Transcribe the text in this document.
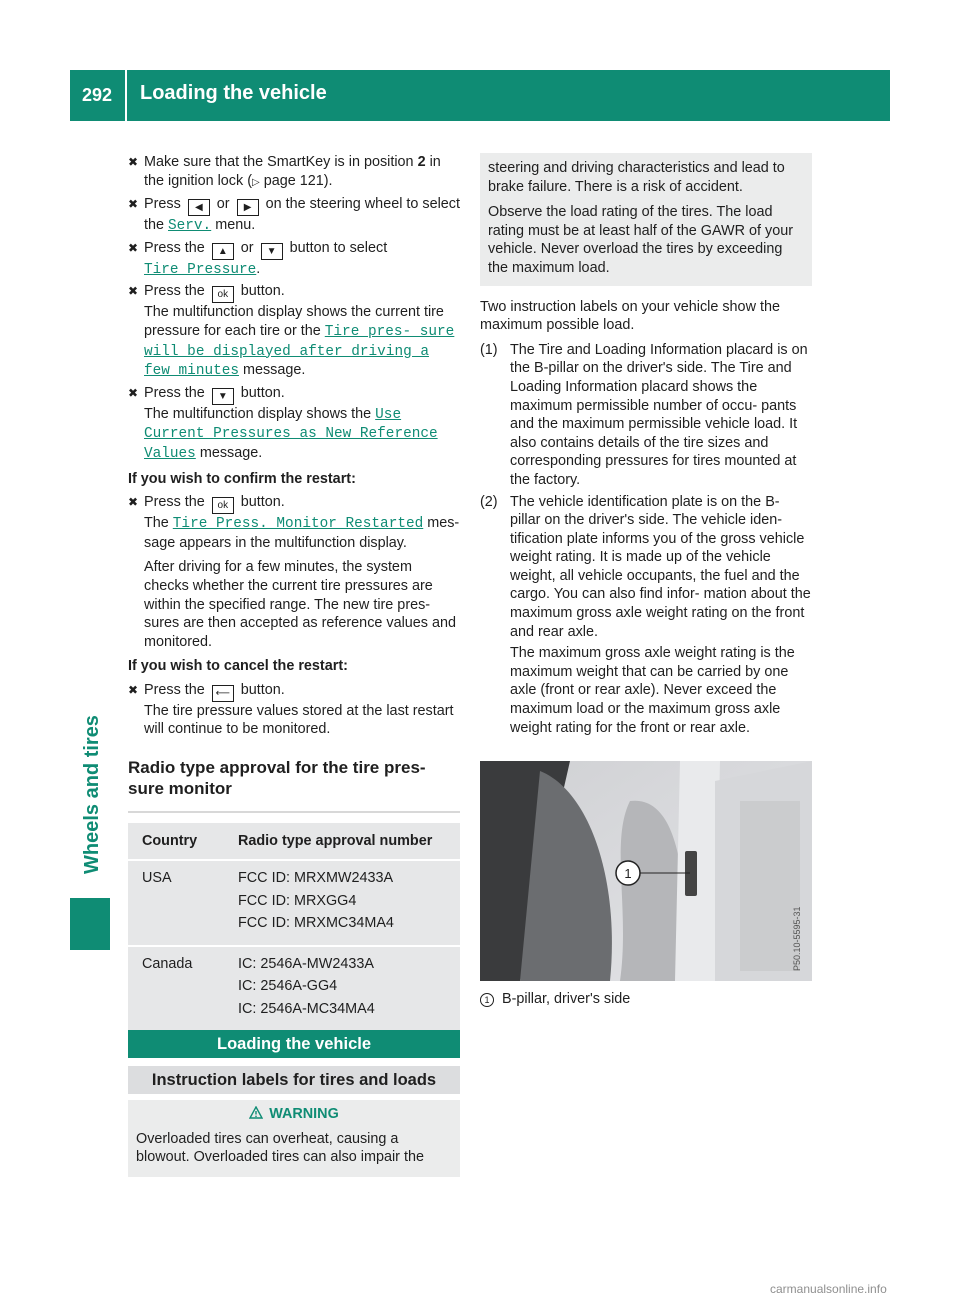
292 Loading the vehicle
Wheels and tires
✖ Make sure that the SmartKey is in position 2 in the ignition lock (▷ page 121).
✖ Press ◀ or ▶ on the steering wheel to select the Serv. menu.
✖ Press the ▲ or ▼ button to select
Tire Pressure.
✖ Press the ok button.
The multifunction display shows the current tire pressure for each tire or the Tire pres‑ sure will be displayed after driving a few minutes message.
✖ Press the ▼ button.
The multifunction display shows the Use Current Pressures as New Reference Values message.
If you wish to confirm the restart:
✖ Press the ok button.
The Tire Press. Monitor Restarted mes- sage appears in the multifunction display.
After driving for a few minutes, the system checks whether the current tire pressures are within the specified range. The new tire pres- sures are then accepted as reference values and monitored.
If you wish to cancel the restart:
✖ Press the ⟵ button.
The tire pressure values stored at the last restart will continue to be monitored.
Radio type approval for the tire pres- sure monitor
Country	Radio type approval number
USA	FCC ID: MRXMW2433A
FCC ID: MRXGG4
FCC ID: MRXMC34MA4

Canada	IC: 2546A-MW2433A
IC: 2546A-GG4
IC: 2546A-MC34MA4
Loading the vehicle
Instruction labels for tires and loads
WARNING
Overloaded tires can overheat, causing a blowout. Overloaded tires can also impair the

steering and driving characteristics and lead to brake failure. There is a risk of accident.

Observe the load rating of the tires. The load rating must be at least half of the GAWR of your vehicle. Never overload the tires by exceeding the maximum load.

Two instruction labels on your vehicle show the maximum possible load.
(1) The Tire and Loading Information placard is on the B-pillar on the driver's side. The Tire and Loading Information placard shows the maximum permissible number of occu- pants and the maximum permissible vehicle load. It also contains details of the tire sizes and corresponding pressures for tires mounted at the factory.

(2) The vehicle identification plate is on the B- pillar on the driver's side. The vehicle iden- tification plate informs you of the gross vehicle weight rating. It is made up of the vehicle weight, all vehicle occupants, the fuel and the cargo. You can also find infor- mation about the maximum gross axle weight rating on the front and rear axle.

The maximum gross axle weight rating is the maximum weight that can be carried by one axle (front or rear axle). Never exceed the maximum load or the maximum gross axle weight rating for the front or rear axle.

1
P50.10-5595-31
1 B-pillar, driver's side
carmanualsonline.info
